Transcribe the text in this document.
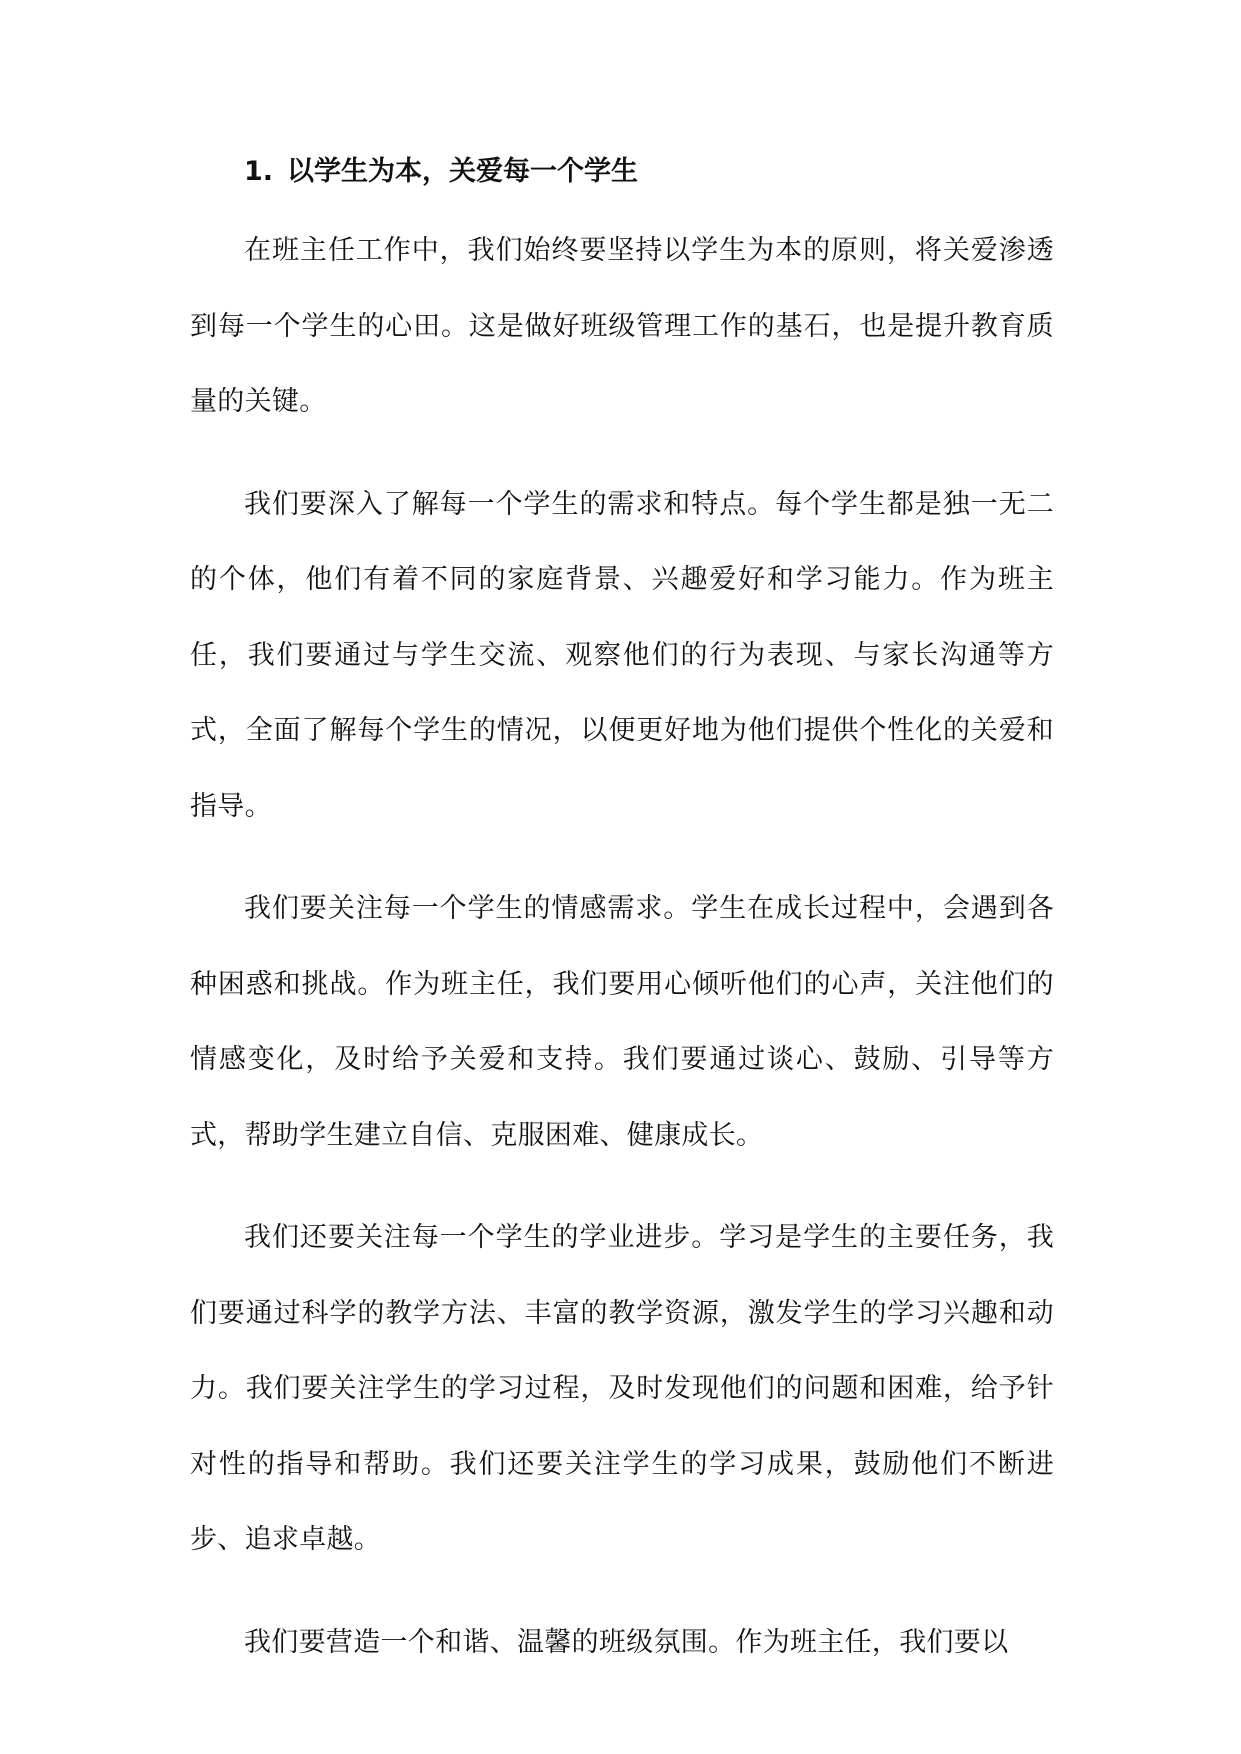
1. 以学生为本，关爱每一个学生

在班主任工作中，我们始终要坚持以学生为本的原则，将关爱渗透到每一个学生的心田。这是做好班级管理工作的基石，也是提升教育质量的关键。

我们要深入了解每一个学生的需求和特点。每个学生都是独一无二的个体，他们有着不同的家庭背景、兴趣爱好和学习能力。作为班主任，我们要通过与学生交流、观察他们的行为表现、与家长沟通等方式，全面了解每个学生的情况，以便更好地为他们提供个性化的关爱和指导。

我们要关注每一个学生的情感需求。学生在成长过程中，会遇到各种困惑和挑战。作为班主任，我们要用心倾听他们的心声，关注他们的情感变化，及时给予关爱和支持。我们要通过谈心、鼓励、引导等方式，帮助学生建立自信、克服困难、健康成长。

我们还要关注每一个学生的学业进步。学习是学生的主要任务，我们要通过科学的教学方法、丰富的教学资源，激发学生的学习兴趣和动力。我们要关注学生的学习过程，及时发现他们的问题和困难，给予针对性的指导和帮助。我们还要关注学生的学习成果，鼓励他们不断进步、追求卓越。

我们要营造一个和谐、温馨的班级氛围。作为班主任，我们要以
